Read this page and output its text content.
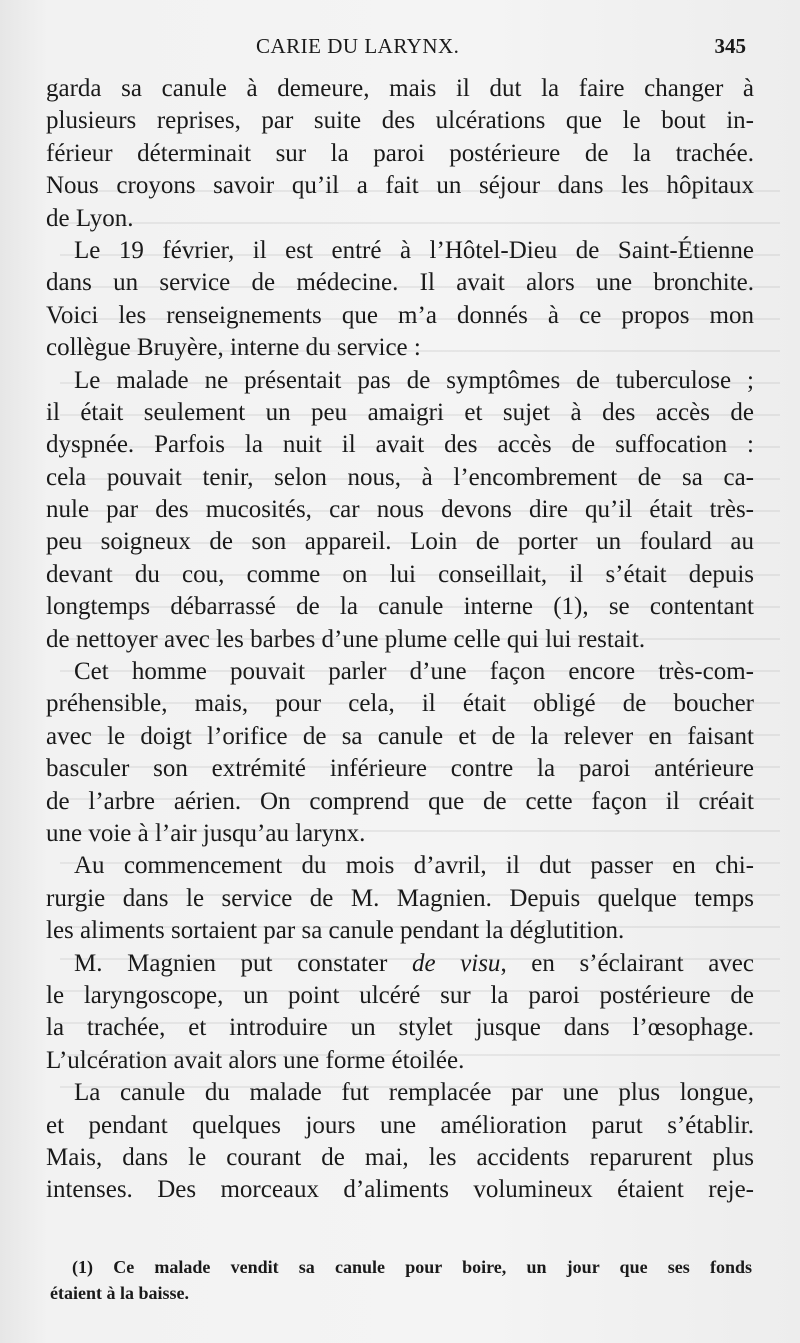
CARIE DU LARYNX.	345
garda sa canule à demeure, mais il dut la faire changer à
plusieurs reprises, par suite des ulcérations que le bout in-
férieur déterminait sur la paroi postérieure de la trachée.
Nous croyons savoir qu’il a fait un séjour dans les hôpitaux
de Lyon.
Le 19 février, il est entré à l’Hôtel-Dieu de Saint-Étienne
dans un service de médecine. Il avait alors une bronchite.
Voici les renseignements que m’a donnés à ce propos mon
collègue Bruyère, interne du service :
Le malade ne présentait pas de symptômes de tuberculose ;
il était seulement un peu amaigri et sujet à des accès de
dyspnée. Parfois la nuit il avait des accès de suffocation :
cela pouvait tenir, selon nous, à l’encombrement de sa ca-
nule par des mucosités, car nous devons dire qu’il était très-
peu soigneux de son appareil. Loin de porter un foulard au
devant du cou, comme on lui conseillait, il s’était depuis
longtemps débarrassé de la canule interne (1), se contentant
de nettoyer avec les barbes d’une plume celle qui lui restait.
Cet homme pouvait parler d’une façon encore très-com-
préhensible, mais, pour cela, il était obligé de boucher
avec le doigt l’orifice de sa canule et de la relever en faisant
basculer son extrémité inférieure contre la paroi antérieure
de l’arbre aérien. On comprend que de cette façon il créait
une voie à l’air jusqu’au larynx.
Au commencement du mois d’avril, il dut passer en chi-
rurgie dans le service de M. Magnien. Depuis quelque temps
les aliments sortaient par sa canule pendant la déglutition.
M. Magnien put constater de visu, en s’éclairant avec
le laryngoscope, un point ulcéré sur la paroi postérieure de
la trachée, et introduire un stylet jusque dans l’œsophage.
L’ulcération avait alors une forme étoilée.
La canule du malade fut remplacée par une plus longue,
et pendant quelques jours une amélioration parut s’établir.
Mais, dans le courant de mai, les accidents reparurent plus
intenses. Des morceaux d’aliments volumineux étaient reje-
(1) Ce malade vendit sa canule pour boire, un jour que ses fonds
étaient à la baisse.
